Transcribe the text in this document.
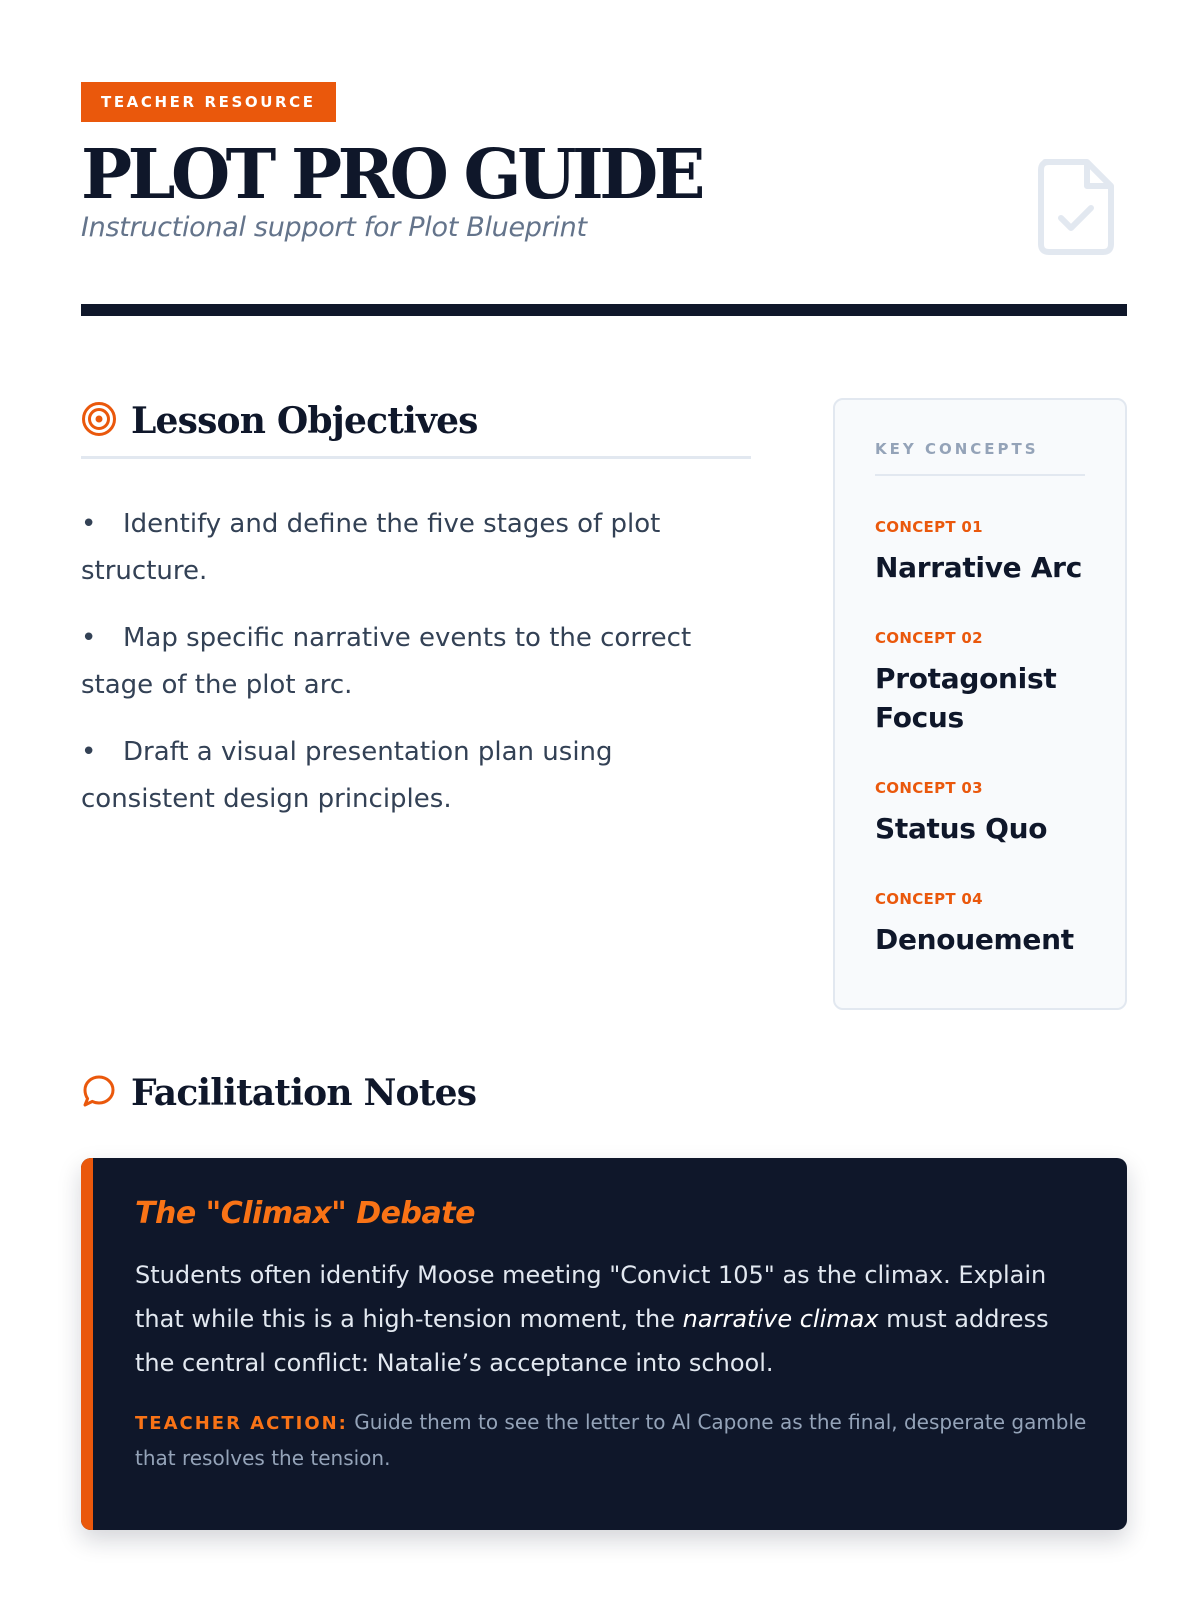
TEACHER RESOURCE
PLOT PRO GUIDE
Instructional support for Plot Blueprint
Lesson Objectives
• Identify and define the five stages of plot structure.
• Map specific narrative events to the correct stage of the plot arc.
• Draft a visual presentation plan using consistent design principles.
KEY CONCEPTS
CONCEPT 01
Narrative Arc
CONCEPT 02
Protagonist Focus
CONCEPT 03
Status Quo
CONCEPT 04
Denouement
Facilitation Notes
The "Climax" Debate
Students often identify Moose meeting "Convict 105" as the climax. Explain that while this is a high-tension moment, the narrative climax must address the central conflict: Natalie’s acceptance into school.
TEACHER ACTION: Guide them to see the letter to Al Capone as the final, desperate gamble that resolves the tension.
